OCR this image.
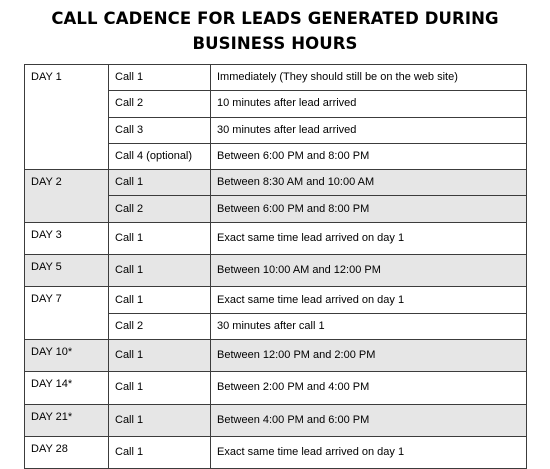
CALL CADENCE FOR LEADS GENERATED DURING
BUSINESS HOURS
DAY 1	Call 1	Immediately (They should still be on the web site)
	Call 2	10 minutes after lead arrived
	Call 3	30 minutes after lead arrived
	Call 4 (optional)	Between 6:00 PM and 8:00 PM
DAY 2	Call 1	Between 8:30 AM and 10:00 AM
	Call 2	Between 6:00 PM and 8:00 PM
DAY 3	Call 1	Exact same time lead arrived on day 1
DAY 5	Call 1	Between 10:00 AM and 12:00 PM
DAY 7	Call 1	Exact same time lead arrived on day 1
	Call 2	30 minutes after call 1
DAY 10*	Call 1	Between 12:00 PM and 2:00 PM
DAY 14*	Call 1	Between 2:00 PM and 4:00 PM
DAY 21*	Call 1	Between 4:00 PM and 6:00 PM
DAY 28	Call 1	Exact same time lead arrived on day 1
